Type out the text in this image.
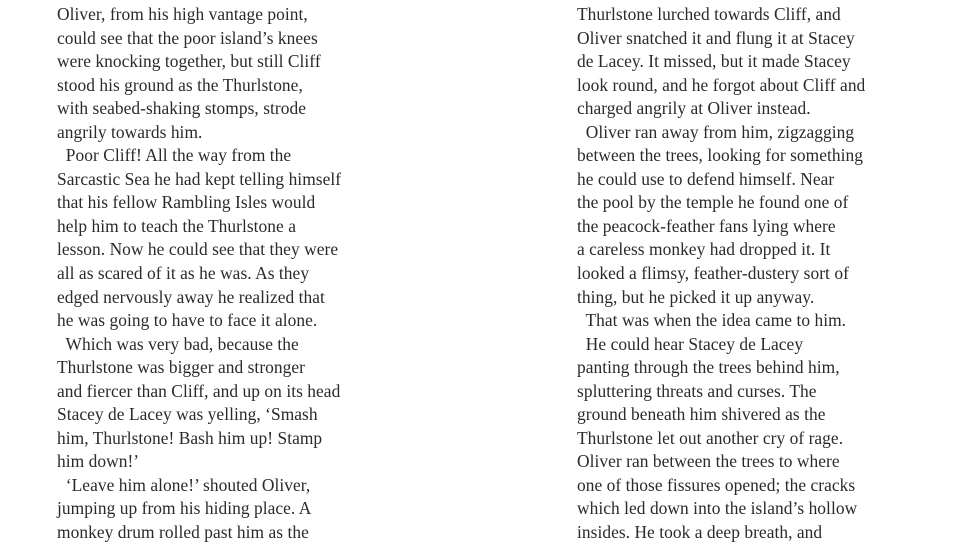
Oliver, from his high vantage point,
could see that the poor island’s knees
were knocking together, but still Cliff
stood his ground as the Thurlstone,
with seabed-shaking stomps, strode
angrily towards him.
Poor Cliff! All the way from the
Sarcastic Sea he had kept telling himself
that his fellow Rambling Isles would
help him to teach the Thurlstone a
lesson. Now he could see that they were
all as scared of it as he was. As they
edged nervously away he realized that
he was going to have to face it alone.
Which was very bad, because the
Thurlstone was bigger and stronger
and fiercer than Cliff, and up on its head
Stacey de Lacey was yelling, ‘Smash
him, Thurlstone! Bash him up! Stamp
him down!’
‘Leave him alone!’ shouted Oliver,
jumping up from his hiding place. A
monkey drum rolled past him as the
Thurlstone lurched towards Cliff, and
Oliver snatched it and flung it at Stacey
de Lacey. It missed, but it made Stacey
look round, and he forgot about Cliff and
charged angrily at Oliver instead.
Oliver ran away from him, zigzagging
between the trees, looking for something
he could use to defend himself. Near
the pool by the temple he found one of
the peacock-feather fans lying where
a careless monkey had dropped it. It
looked a flimsy, feather-dustery sort of
thing, but he picked it up anyway.
That was when the idea came to him.
He could hear Stacey de Lacey
panting through the trees behind him,
spluttering threats and curses. The
ground beneath him shivered as the
Thurlstone let out another cry of rage.
Oliver ran between the trees to where
one of those fissures opened; the cracks
which led down into the island’s hollow
insides. He took a deep breath, and
